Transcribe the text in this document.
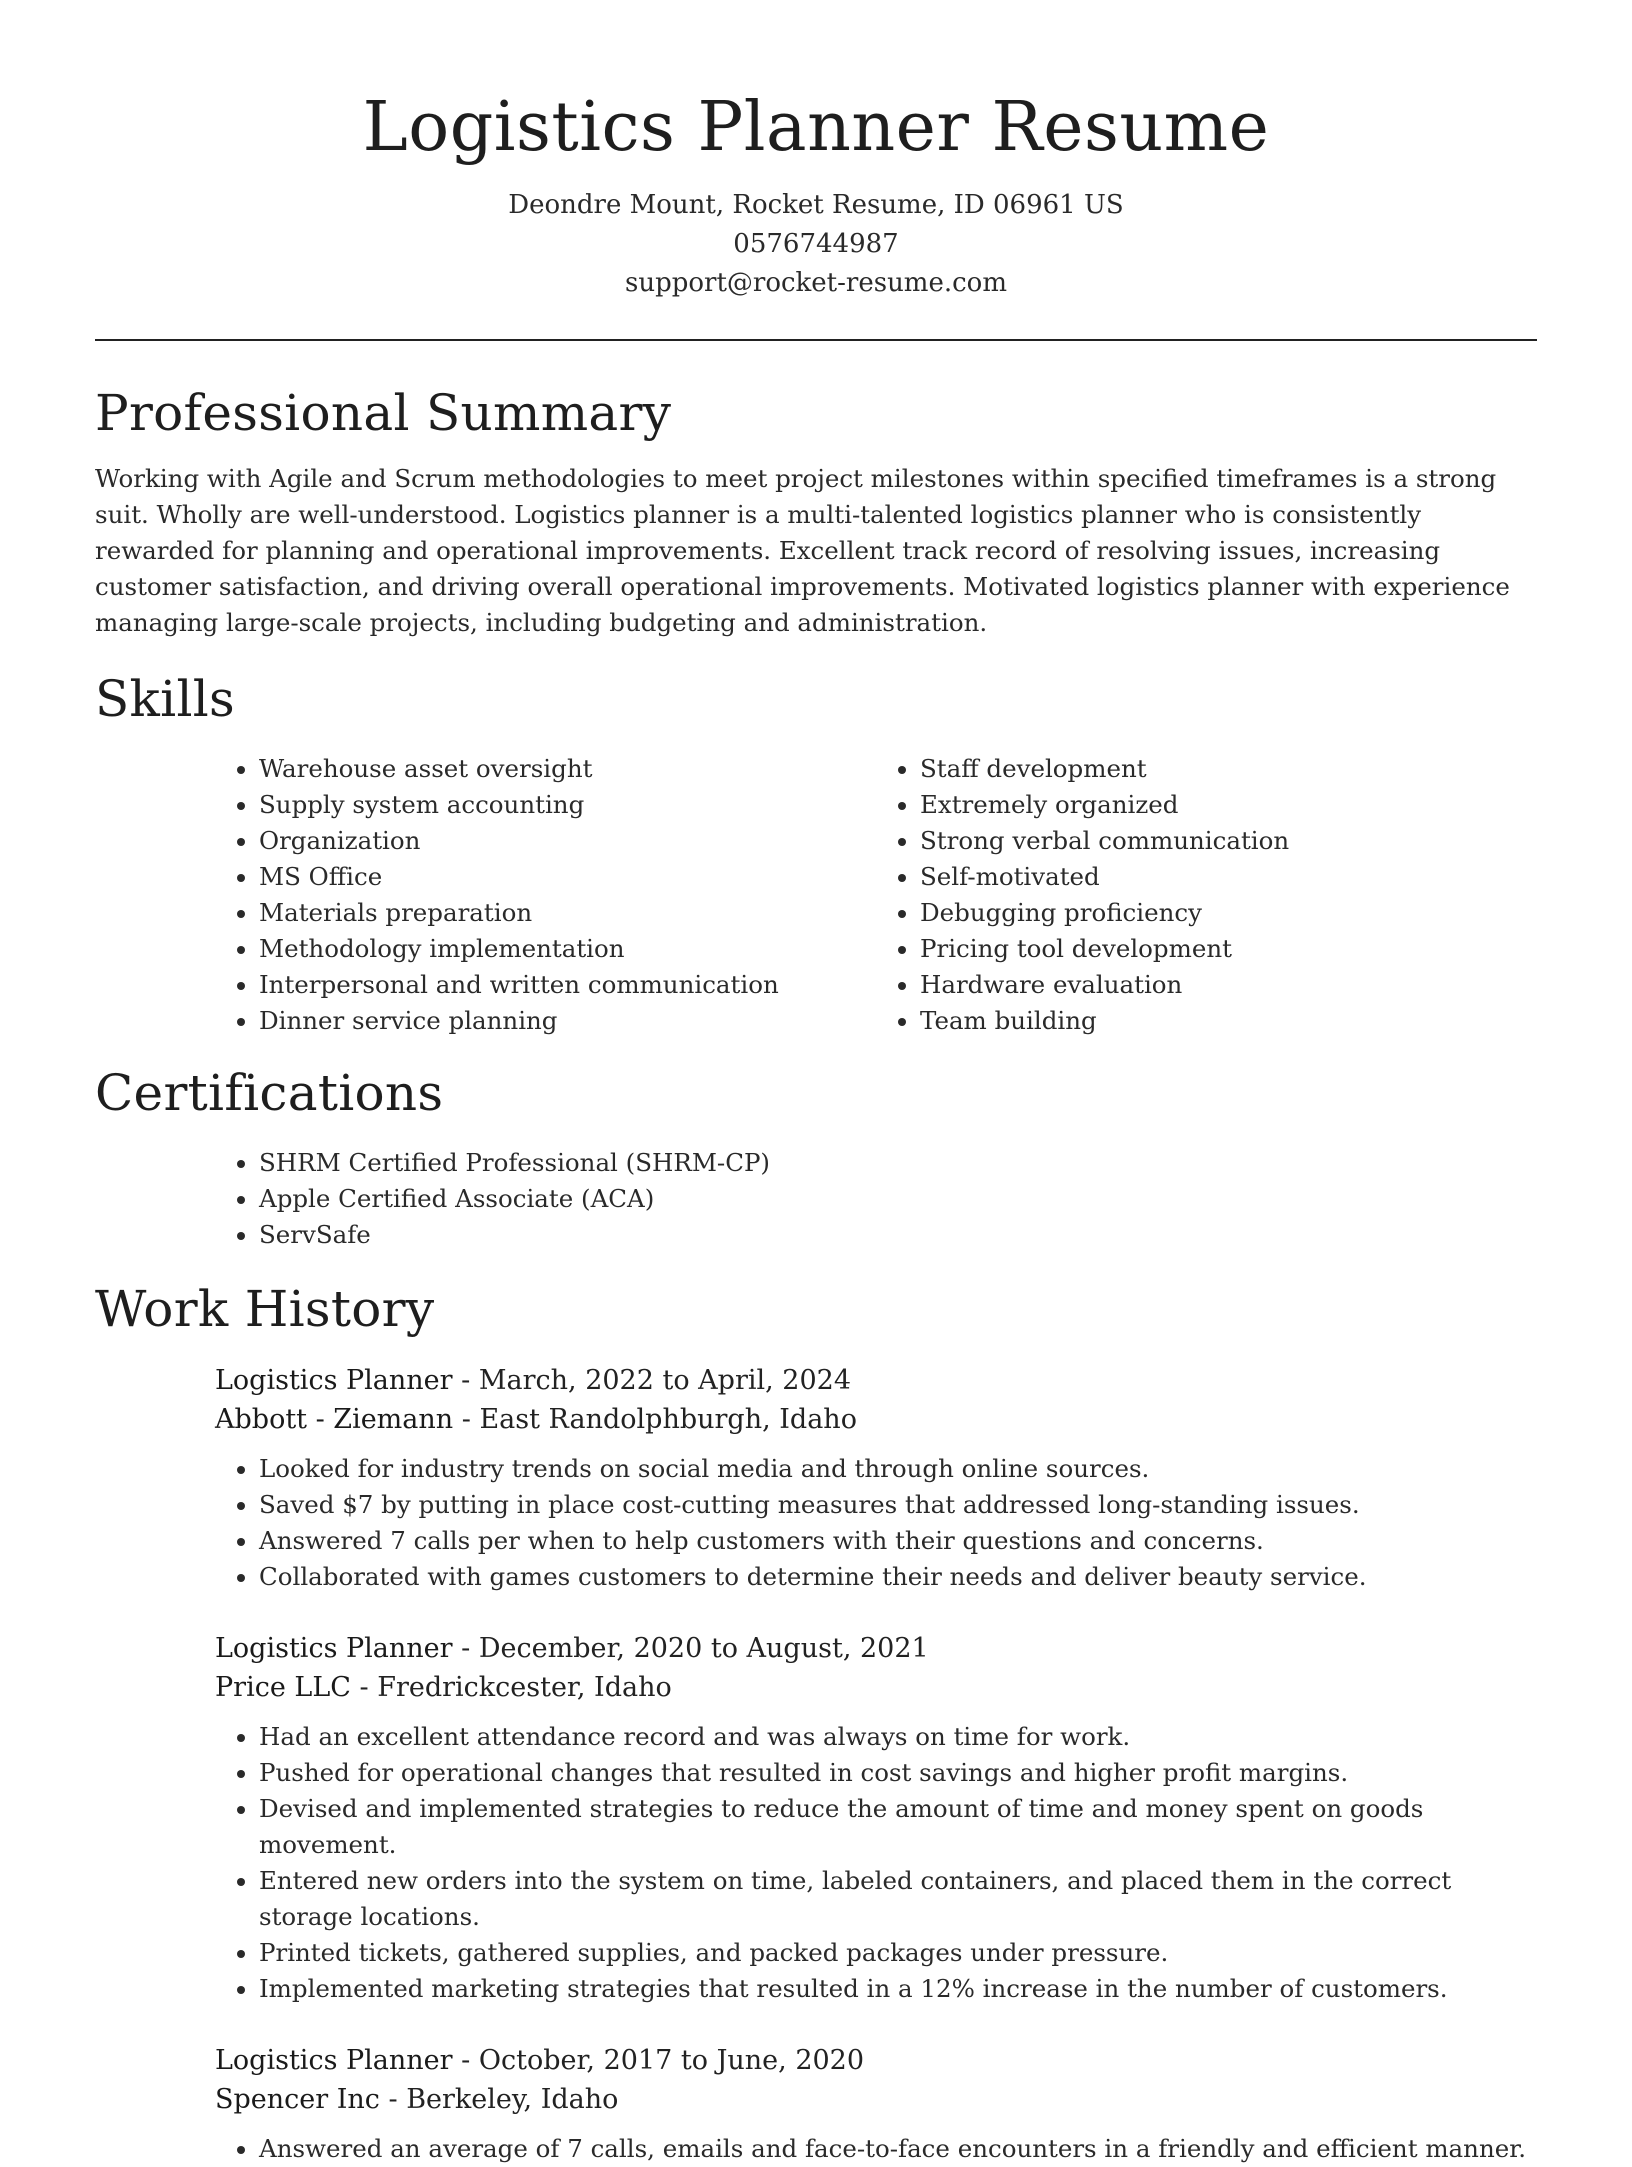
Logistics Planner Resume
Deondre Mount, Rocket Resume, ID 06961 US
0576744987
support@rocket-resume.com
Professional Summary

Working with Agile and Scrum methodologies to meet project milestones within specified timeframes is a strong suit. Wholly are well-understood. Logistics planner is a multi-talented logistics planner who is consistently rewarded for planning and operational improvements. Excellent track record of resolving issues, increasing customer satisfaction, and driving overall operational improvements. Motivated logistics planner with experience managing large-scale projects, including budgeting and administration.

Skills
• Warehouse asset oversight
• Supply system accounting
• Organization
• MS Office
• Materials preparation
• Methodology implementation
• Interpersonal and written communication
• Dinner service planning
• Staff development
• Extremely organized
• Strong verbal communication
• Self-motivated
• Debugging proficiency
• Pricing tool development
• Hardware evaluation
• Team building
Certifications
• SHRM Certified Professional (SHRM-CP)
• Apple Certified Associate (ACA)
• ServSafe
Work History

Logistics Planner - March, 2022 to April, 2024

Abbott - Ziemann - East Randolphburgh, Idaho

• Looked for industry trends on social media and through online sources.
• Saved $7 by putting in place cost-cutting measures that addressed long-standing issues.
• Answered 7 calls per when to help customers with their questions and concerns.
• Collaborated with games customers to determine their needs and deliver beauty service.

Logistics Planner - December, 2020 to August, 2021

Price LLC - Fredrickcester, Idaho

• Had an excellent attendance record and was always on time for work.
• Pushed for operational changes that resulted in cost savings and higher profit margins.
• Devised and implemented strategies to reduce the amount of time and money spent on goods movement.
• Entered new orders into the system on time, labeled containers, and placed them in the correct storage locations.
• Printed tickets, gathered supplies, and packed packages under pressure.
• Implemented marketing strategies that resulted in a 12% increase in the number of customers.

Logistics Planner - October, 2017 to June, 2020

Spencer Inc - Berkeley, Idaho

• Answered an average of 7 calls, emails and face-to-face encounters in a friendly and efficient manner.
